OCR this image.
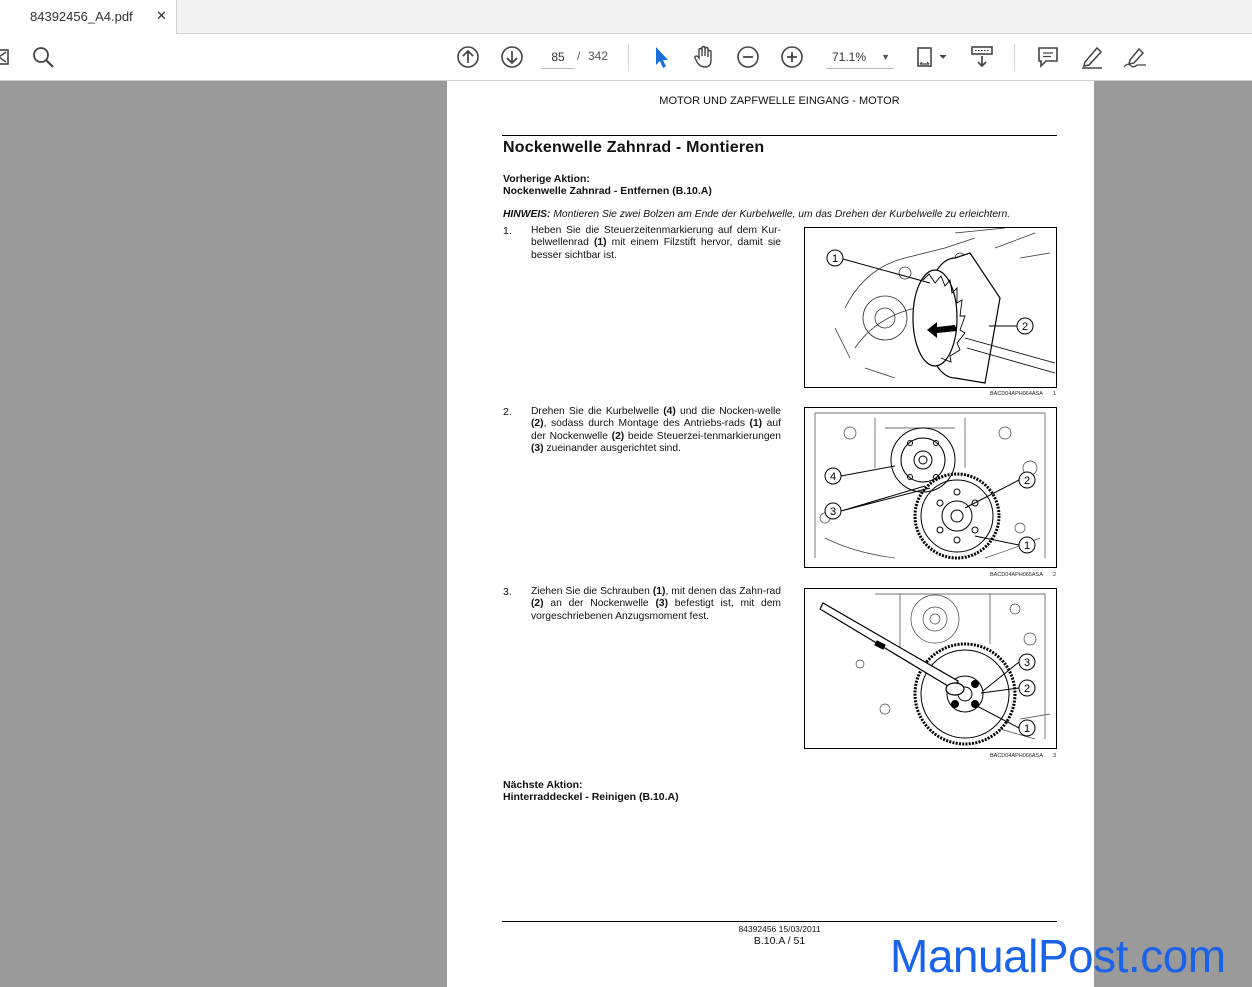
84392456_A4.pdf ✕
85	/ 342	71.1% ▼
MOTOR UND ZAPFWELLE EINGANG - MOTOR
Nockenwelle Zahnrad - Montieren
Vorherige Aktion:
Nockenwelle Zahnrad - Entfernen (B.10.A)
HINWEIS: Montieren Sie zwei Bolzen am Ende der Kurbelwelle, um das Drehen der Kurbelwelle zu erleichtern.
1. Heben Sie die Steuerzeitenmarkierung auf dem Kur-belwellenrad (1) mit einem Filzstift hervor, damit sie besser sichtbar ist.	1
2
BACD04APH064ASA 1
2. Drehen Sie die Kurbelwelle (4) und die Nocken-welle (2), sodass durch Montage des Antriebs-rads (1) auf der Nockenwelle (2) beide Steuerzei-tenmarkierungen (3) zueinander ausgerichtet sind.
4
3
2
1
BACD04APH065ASA 2
3. Ziehen Sie die Schrauben (1), mit denen das Zahn-rad (2) an der Nockenwelle (3) befestigt ist, mit dem vorgeschriebenen Anzugsmoment fest.
3
2
1
BACD04APH066ASA 3
Nächste Aktion:
Hinterraddeckel - Reinigen (B.10.A)
84392456 15/03/2011
B.10.A / 51	ManualPost.com
